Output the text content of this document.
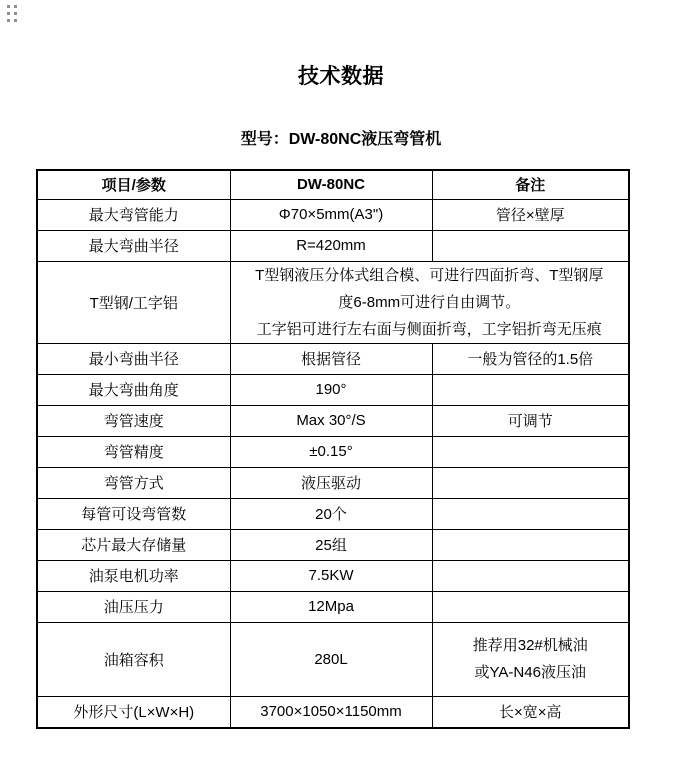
技术数据
型号：DW-80NC液压弯管机
项目/参数	DW-80NC	备注
最大弯管能力	Φ70×5mm(A3")	管径×壁厚
最大弯曲半径	R=420mm	
T型钢/工字铝	T型钢液压分体式组合模、可进行四面折弯、T型钢厚
度6-8mm可进行自由调节。
工字铝可进行左右面与侧面折弯，工字铝折弯无压痕	

最小弯曲半径	根据管径	一般为管径的1.5倍
最大弯曲角度	190°	
弯管速度	Max 30°/S	可调节
弯管精度	±0.15°	
弯管方式	液压驱动	
每管可设弯管数	20个	
芯片最大存储量	25组	
油泵电机功率	7.5KW	
油压压力	12Mpa	
油箱容积	280L	推荐用32#机械油
或YA-N46液压油

外形尺寸(L×W×H)	3700×1050×1150mm	长×宽×高
